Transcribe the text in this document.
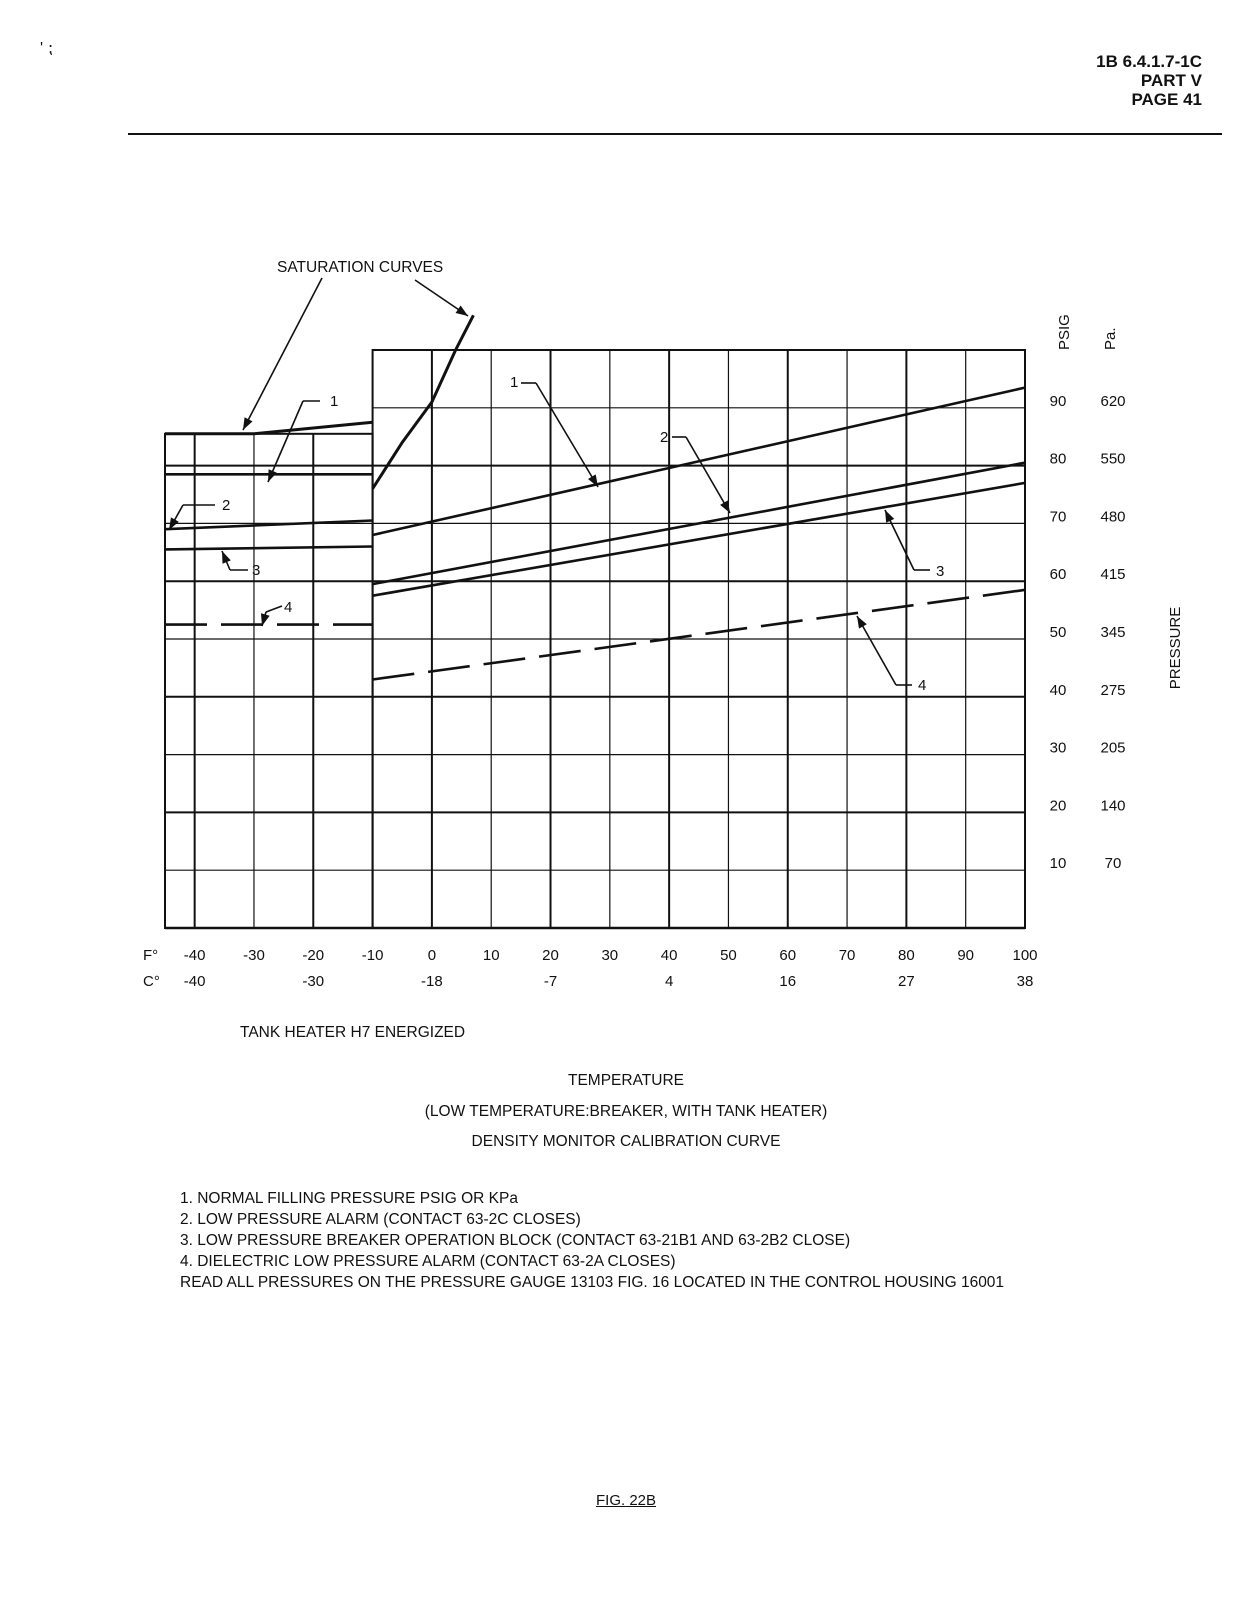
' ⁏
1B 6.4.1.7-1C
PART V
PAGE 41
F° -40	-30	-20	-10	0	10	20	30	40	50	60	70	80	90	100
C° -40	-30	-18	-7	4	16	27	38
10	70
20 140
30 205
40 275
50 345
60 415
70 480
80 550
90 620
PSIG Pa.
PRESSURE
SATURATION CURVES
1
2
3
4
1
2
3
4
TANK HEATER H7 ENERGIZED
TEMPERATURE
(LOW TEMPERATURE:BREAKER, WITH TANK HEATER)
DENSITY MONITOR CALIBRATION CURVE
1. NORMAL FILLING PRESSURE PSIG OR KPa
2. LOW PRESSURE ALARM (CONTACT 63-2C CLOSES)
3. LOW PRESSURE BREAKER OPERATION BLOCK (CONTACT 63-21B1 AND 63-2B2 CLOSE)
4. DIELECTRIC LOW PRESSURE ALARM (CONTACT 63-2A CLOSES)
READ ALL PRESSURES ON THE PRESSURE GAUGE 13103 FIG. 16 LOCATED IN THE CONTROL HOUSING 16001
FIG. 22B
